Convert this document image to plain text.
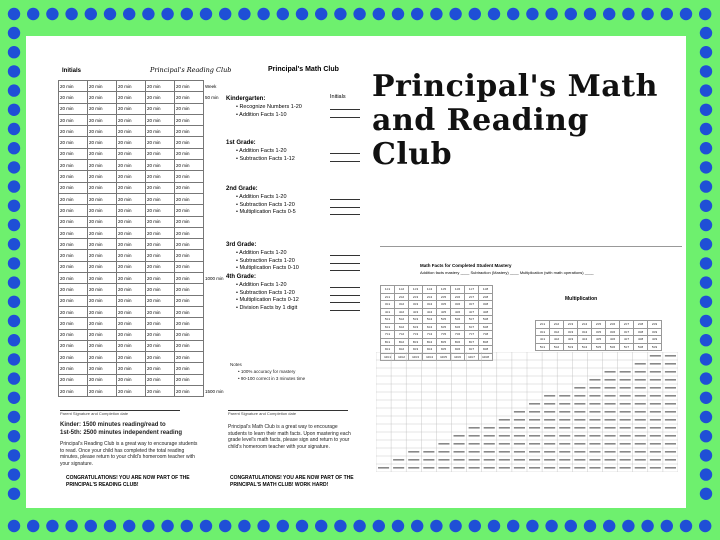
Principal's Math
and Reading Club
Initials	Principal's Reading Club
20 min	20 min	20 min	20 min	20 min	Week
20 min	20 min	20 min	20 min	20 min	50 min
20 min	20 min	20 min	20 min	20 min	
20 min	20 min	20 min	20 min	20 min	
20 min	20 min	20 min	20 min	20 min	
20 min	20 min	20 min	20 min	20 min	
20 min	20 min	20 min	20 min	20 min	
20 min	20 min	20 min	20 min	20 min	
20 min	20 min	20 min	20 min	20 min	
20 min	20 min	20 min	20 min	20 min	
20 min	20 min	20 min	20 min	20 min	
20 min	20 min	20 min	20 min	20 min	
20 min	20 min	20 min	20 min	20 min	
20 min	20 min	20 min	20 min	20 min	
20 min	20 min	20 min	20 min	20 min	
20 min	20 min	20 min	20 min	20 min	
20 min	20 min	20 min	20 min	20 min	
20 min	20 min	20 min	20 min	20 min	1000 min
20 min	20 min	20 min	20 min	20 min	
20 min	20 min	20 min	20 min	20 min	
20 min	20 min	20 min	20 min	20 min	
20 min	20 min	20 min	20 min	20 min	
20 min	20 min	20 min	20 min	20 min	
20 min	20 min	20 min	20 min	20 min	
20 min	20 min	20 min	20 min	20 min	
20 min	20 min	20 min	20 min	20 min	
20 min	20 min	20 min	20 min	20 min	
20 min	20 min	20 min	20 min	20 min	1500 min
Parent Signature and Completion date
Kinder: 1500 minutes reading/read to
1st-5th: 2500 minutes independent reading
Principal's Reading Club is a great way to encourage students to read. Once your child has completed the total reading minutes, please return to your child's homeroom teacher with your signature.
CONGRATULATIONS! YOU ARE NOW PART OF THE PRINCIPAL'S READING CLUB!
Principal's Math Club
Initials
Kindergarten:
• Recognize Numbers 1-20
• Addition Facts 1-10
1st Grade:
• Addition Facts 1-20
• Subtraction Facts 1-12
2nd Grade:
• Addition Facts 1-20
• Subtraction Facts 1-20
• Multiplication Facts 0-5
3rd Grade:
• Addition Facts 1-20
• Subtraction Facts 1-20
• Multiplication Facts 0-10
4th Grade:
• Addition Facts 1-20
• Subtraction Facts 1-20
• Multiplication Facts 0-12
• Division Facts by 1 digit
Notes
• 100% accuracy for mastery
• 90-100 correct in 3 minutes time
Parent Signature and Completion date
Principal's Math Club is a great way to encourage students to learn their math facts. Upon mastering each grade level's math facts, please sign and return to your child's homeroom teacher with your signature.
CONGRATULATIONS! YOU ARE NOW PART OF THE PRINCIPAL'S MATH CLUB! WORK HARD!
Math Facts for Completed Student Mastery
Addition facts mastery ____ Subtraction (Mastery) ____ Multiplication (with math operations) ____
1×1	1×2	1×3	1×4	1×5	1×6	1×7	1×8
2×1	2×2	2×3	2×4	2×5	2×6	2×7	2×8
3×1	3×2	3×3	3×4	3×5	3×6	3×7	3×8
4×1	4×2	4×3	4×4	4×5	4×6	4×7	4×8
5×1	5×2	5×3	5×4	5×5	5×6	5×7	5×8
6×1	6×2	6×3	6×4	6×5	6×6	6×7	6×8
7×1	7×2	7×3	7×4	7×5	7×6	7×7	7×8
8×1	8×2	8×3	8×4	8×5	8×6	8×7	8×8
9×1	9×2	9×3	9×4	9×5	9×6	9×7	9×8
10×1	10×2	10×3	10×4	10×5	10×6	10×7	10×8
Multiplication
2×1	2×2	2×3	2×4	2×5	2×6	2×7	2×8	2×9
3×1	3×2	3×3	3×4	3×5	3×6	3×7	3×8	3×9
4×1	4×2	4×3	4×4	4×5	4×6	4×7	4×8	4×9
5×1	5×2	5×3	5×4	5×5	5×6	5×7	5×8	5×9
